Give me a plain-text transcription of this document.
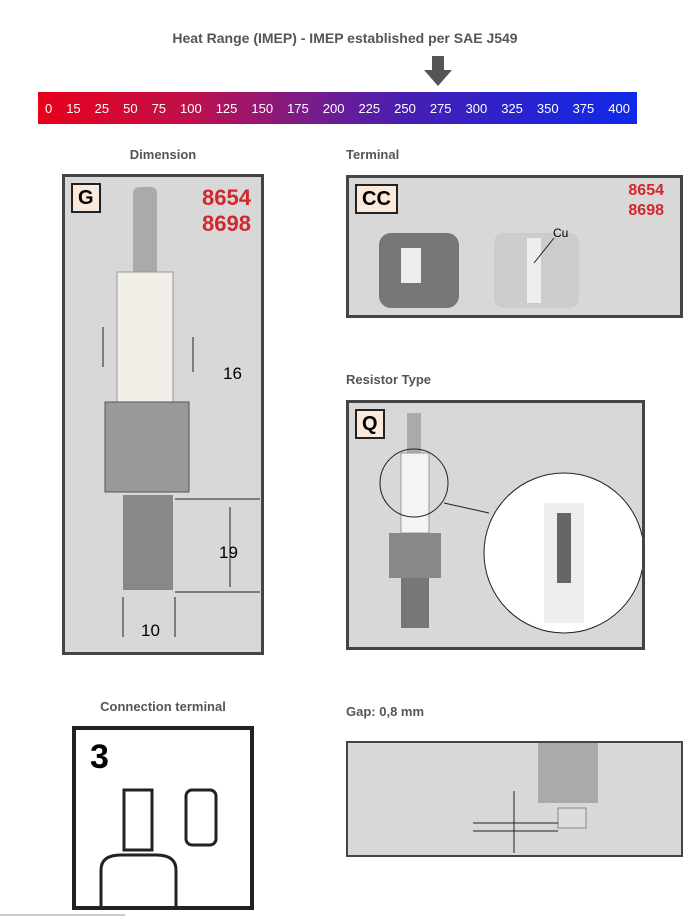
Heat Range (IMEP) - IMEP established per SAE J549
0 15 25 50 75 100 125 150 175 200 225 250 275 300 325 350 375 400
Dimension
G	8654
8698
16
19
10
Terminal
CC	8654
8698
Cu
Resistor Type
Q
Connection terminal
3
Gap: 0,8 mm
